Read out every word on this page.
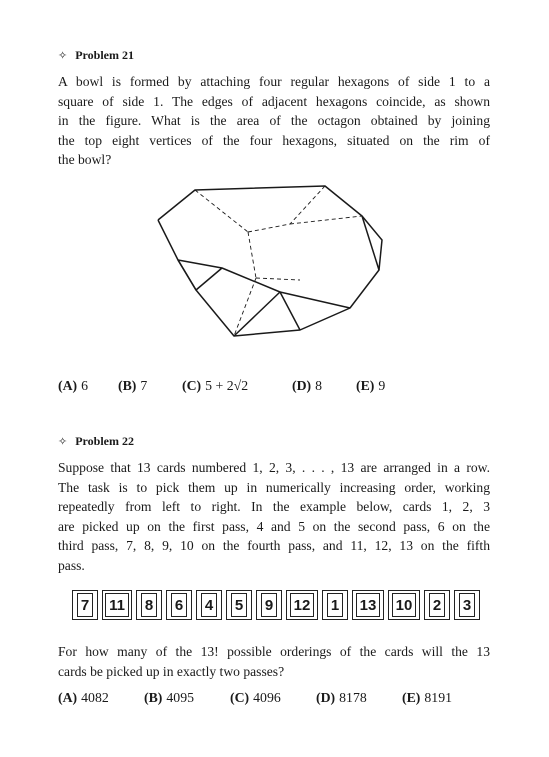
✧ Problem 21
A bowl is formed by attaching four regular hexagons of side 1 to a
square of side 1. The edges of adjacent hexagons coincide, as shown
in the figure. What is the area of the octagon obtained by joining
the top eight vertices of the four hexagons, situated on the rim of
the bowl?
(A) 6 (B) 7	(C) 5 + 2√2	(D) 8 (E) 9
✧ Problem 22
Suppose that 13 cards numbered 1, 2, 3, . . . , 13 are arranged in a row.
The task is to pick them up in numerically increasing order, working
repeatedly from left to right. In the example below, cards 1, 2, 3
are picked up on the first pass, 4 and 5 on the second pass, 6 on the
third pass, 7, 8, 9, 10 on the fourth pass, and 11, 12, 13 on the fifth
pass.
7 11 8 6 4 5 9 12 1 13 10 2 3
For how many of the 13! possible orderings of the cards will the 13
cards be picked up in exactly two passes?
(A) 4082	(B) 4095	(C) 4096	(D) 8178	(E) 8191
